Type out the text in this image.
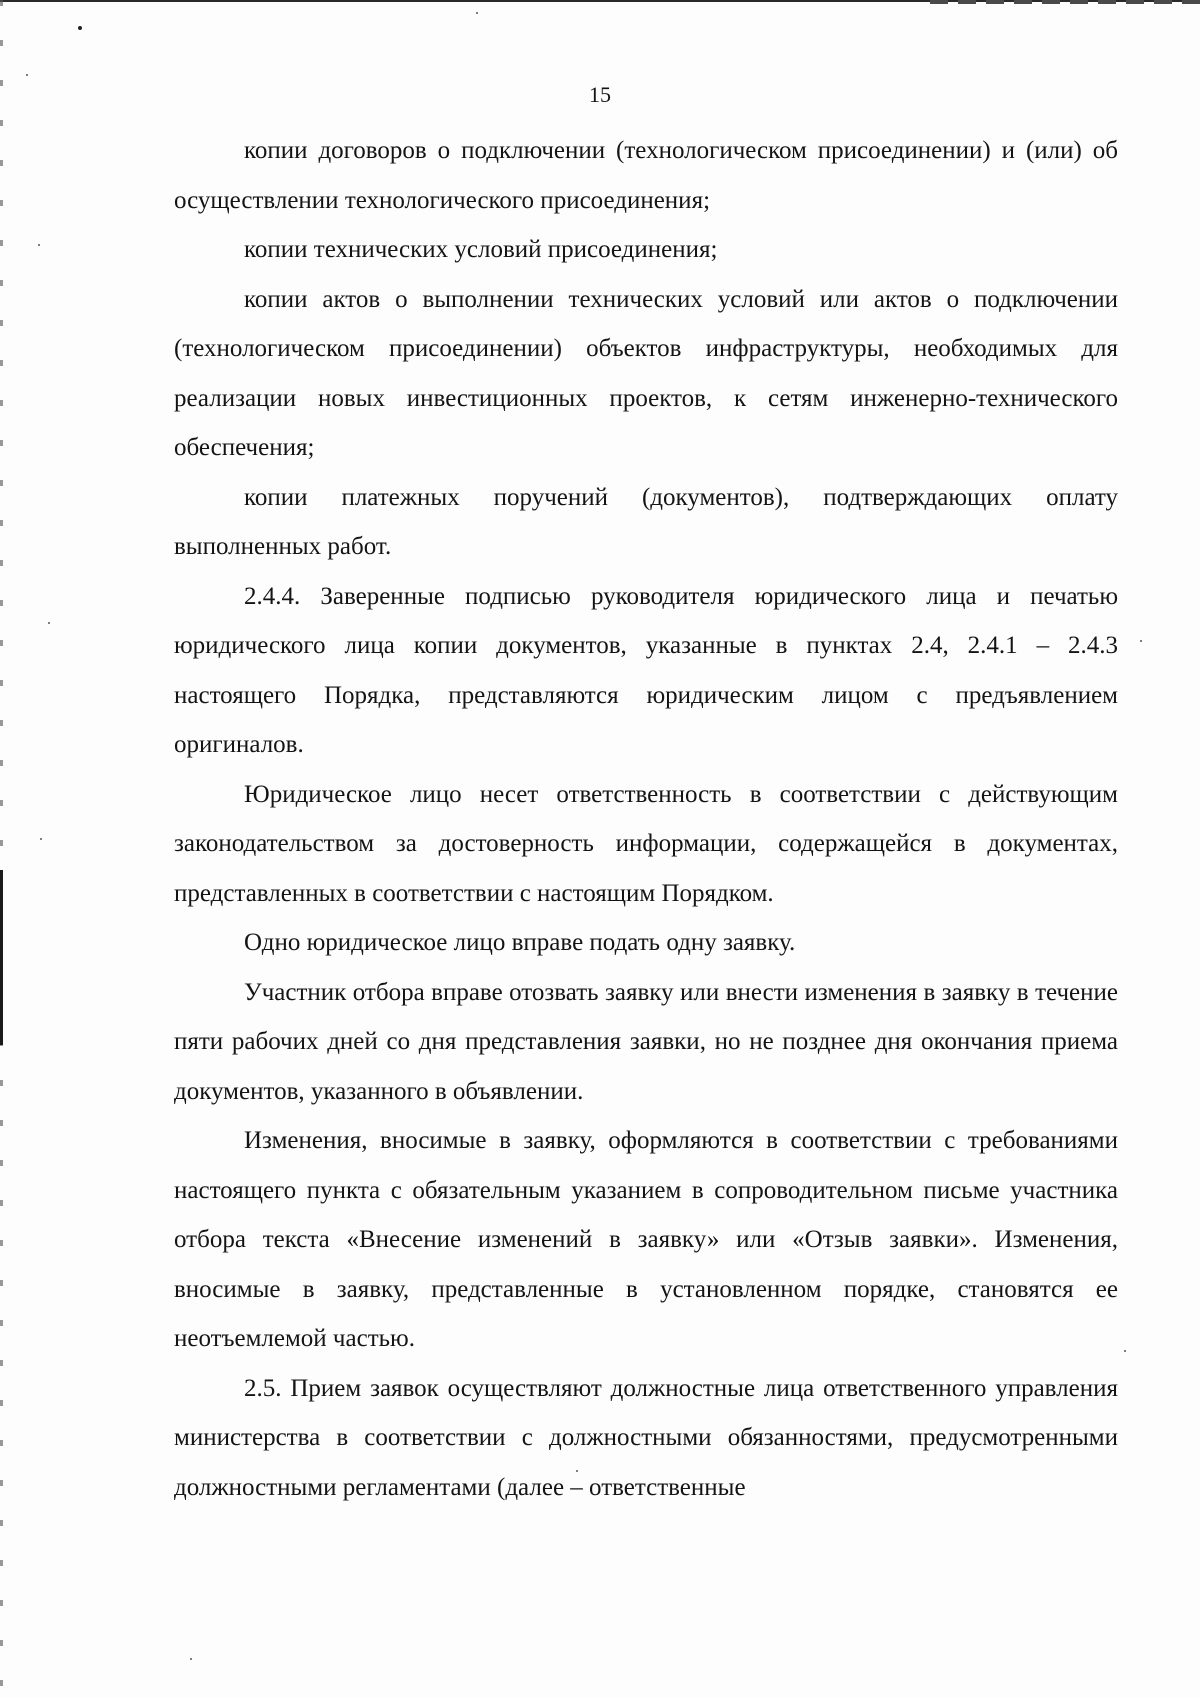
15

копии договоров о подключении (технологическом присоединении) и (или) об осуществлении технологического присоединения;

копии технических условий присоединения;

копии актов о выполнении технических условий или актов о подключении (технологическом присоединении) объектов инфраструктуры, необходимых для реализации новых инвестиционных проектов, к сетям инженерно-технического обеспечения;

копии платежных поручений (документов), подтверждающих оплату выполненных работ.

2.4.4. Заверенные подписью руководителя юридического лица и печатью юридического лица копии документов, указанные в пунктах 2.4, 2.4.1 – 2.4.3 настоящего Порядка, представляются юридическим лицом с предъявлением оригиналов.

Юридическое лицо несет ответственность в соответствии с действующим законодательством за достоверность информации, содержащейся в документах, представленных в соответствии с настоящим Порядком.

Одно юридическое лицо вправе подать одну заявку.

Участник отбора вправе отозвать заявку или внести изменения в заявку в течение пяти рабочих дней со дня представления заявки, но не позднее дня окончания приема документов, указанного в объявлении.

Изменения, вносимые в заявку, оформляются в соответствии с требованиями настоящего пункта с обязательным указанием в сопроводительном письме участника отбора текста «Внесение изменений в заявку» или «Отзыв заявки». Изменения, вносимые в заявку, представленные в установленном порядке, становятся ее неотъемлемой частью.

2.5. Прием заявок осуществляют должностные лица ответственного управления министерства в соответствии с должностными обязанностями, предусмотренными должностными регламентами (далее – ответственные
